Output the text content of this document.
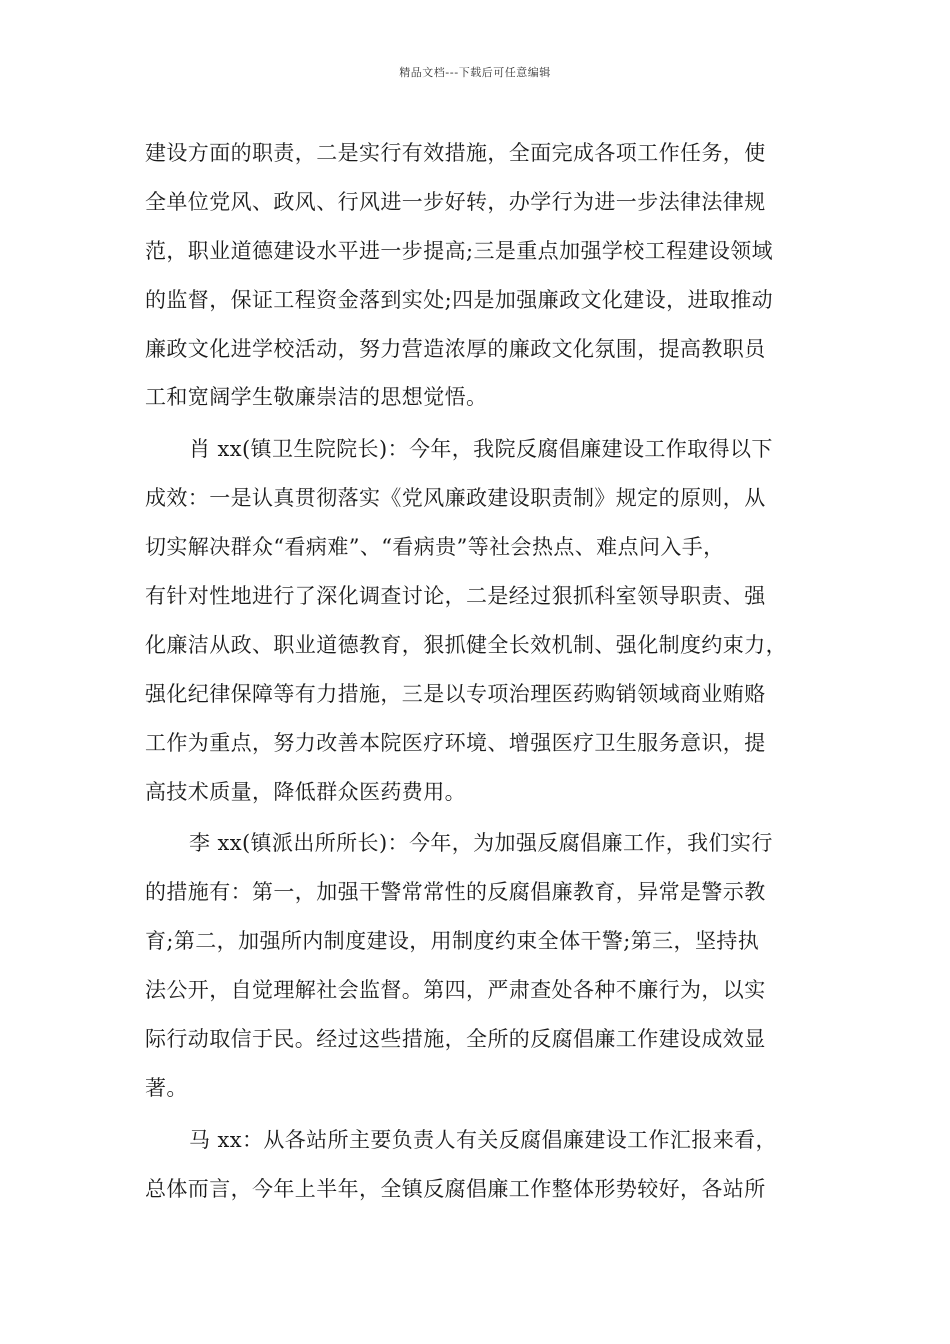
精品文档---下载后可任意编辑
建设方面的职责，二是实行有效措施，全面完成各项工作任务，使
全单位党风、政风、行风进一步好转，办学行为进一步法律法律规
范，职业道德建设水平进一步提高;三是重点加强学校工程建设领域
的监督，保证工程资金落到实处;四是加强廉政文化建设，进取推动
廉政文化进学校活动，努力营造浓厚的廉政文化氛围，提高教职员
工和宽阔学生敬廉崇洁的思想觉悟。
肖 xx(镇卫生院院长)：今年，我院反腐倡廉建设工作取得以下
成效：一是认真贯彻落实《党风廉政建设职责制》规定的原则，从
切实解决群众“看病难”、“看病贵”等社会热点、难点问入手，
有针对性地进行了深化调查讨论，二是经过狠抓科室领导职责、强
化廉洁从政、职业道德教育，狠抓健全长效机制、强化制度约束力，
强化纪律保障等有力措施，三是以专项治理医药购销领域商业贿赂
工作为重点，努力改善本院医疗环境、增强医疗卫生服务意识，提
高技术质量，降低群众医药费用。
李 xx(镇派出所所长)：今年，为加强反腐倡廉工作，我们实行
的措施有：第一，加强干警常常性的反腐倡廉教育，异常是警示教
育;第二，加强所内制度建设，用制度约束全体干警;第三，坚持执
法公开，自觉理解社会监督。第四，严肃查处各种不廉行为，以实
际行动取信于民。经过这些措施，全所的反腐倡廉工作建设成效显
著。
马 xx：从各站所主要负责人有关反腐倡廉建设工作汇报来看，
总体而言，今年上半年，全镇反腐倡廉工作整体形势较好，各站所
